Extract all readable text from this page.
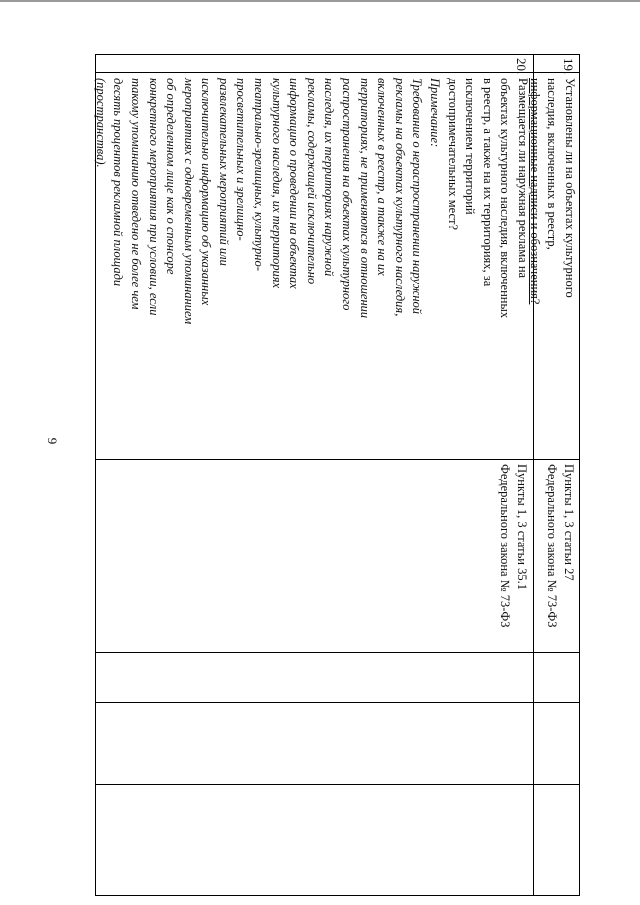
9
19.
Установлены ли на объектах культурного
наследия, включенных в реестр,
информационные надписи и обозначения?
Пункты 1, 3 статьи 27
Федерального закона № 73-ФЗ
20.
Размещается ли наружная реклама на
объектах культурного наследия, включенных
в реестр, а также на их территориях, за
исключением территорий
достопримечательных мест?
Примечание:
Требование о нераспространении наружной
рекламы на объектах культурного наследия,
включенных в реестр, а также на их
территориях, не применяются в отношении
распространения на объектах культурного
наследия, их территориях наружной
рекламы, содержащей исключительно
информацию о проведении на объектах
культурного наследия, их территориях
театрально-зрелищных, культурно-
просветительных и зрелищно-
развлекательных мероприятий или
исключительно информацию об указанных
мероприятиях с одновременным упоминанием
об определенном лице как о спонсоре
конкретного мероприятия при условии, если
такому упоминанию отведено не более чем
десять процентов рекламной площади
(пространства).
Пункты 1, 3 статьи 35.1
Федерального закона № 73-ФЗ
